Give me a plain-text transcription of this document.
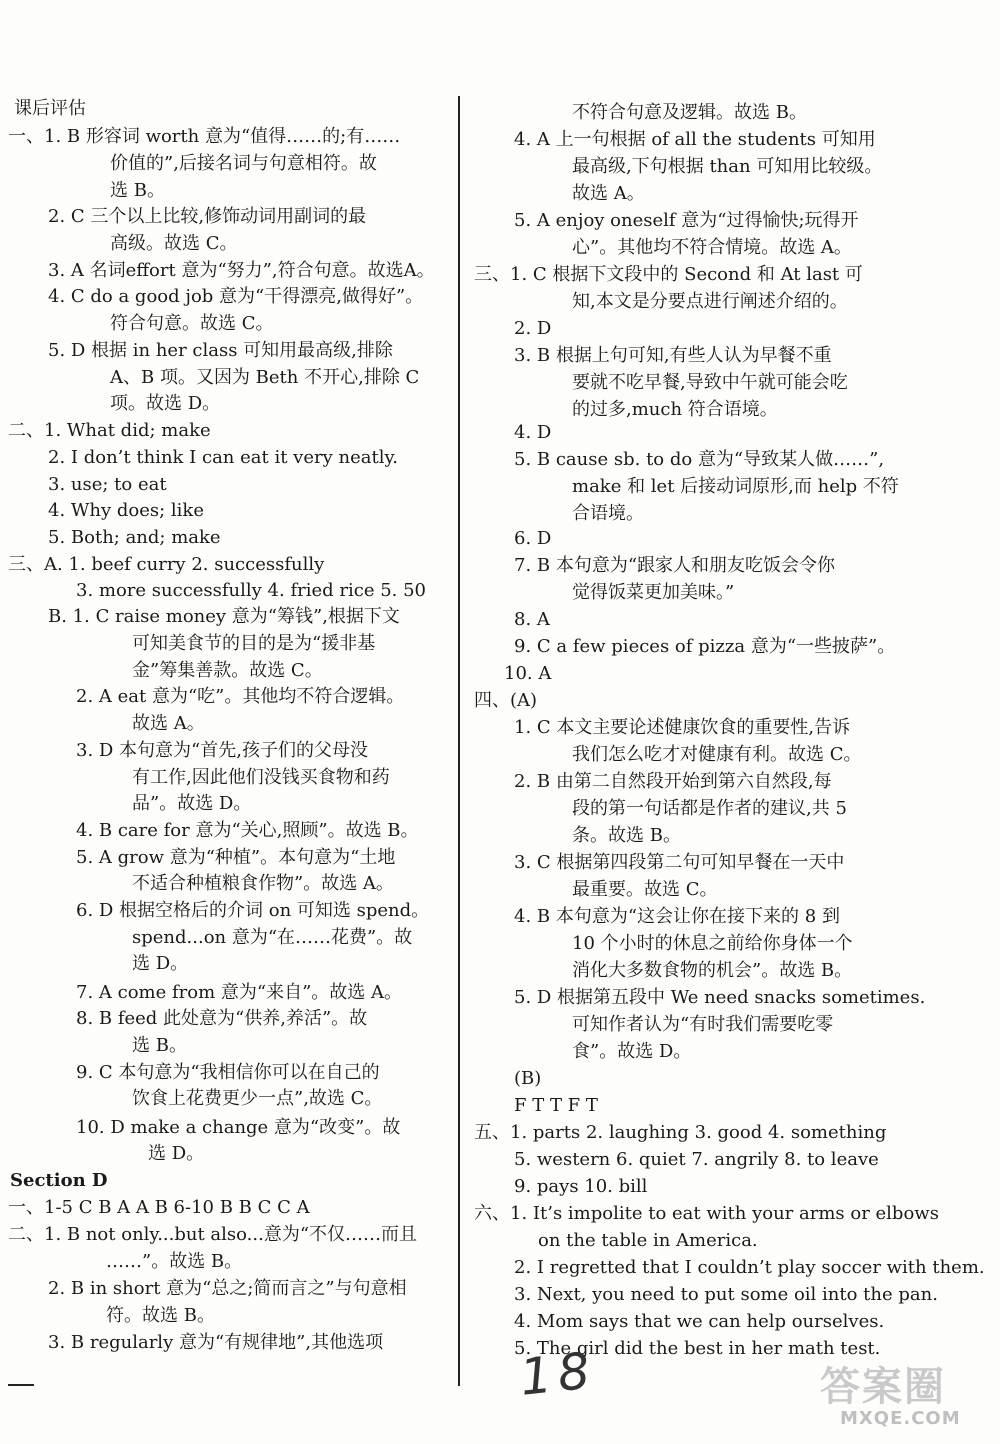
课后评估
一、1. B 形容词 worth 意为“值得……的;有……
价值的”,后接名词与句意相符。故
选 B。
2. C 三个以上比较,修饰动词用副词的最
高级。故选 C。
3. A 名词effort 意为“努力”,符合句意。故选A。
4. C do a good job 意为“干得漂亮,做得好”。
符合句意。故选 C。
5. D 根据 in her class 可知用最高级,排除
A、B 项。又因为 Beth 不开心,排除 C
项。故选 D。
二、1. What did; make
2. I don’t think I can eat it very neatly.
3. use; to eat
4. Why does; like
5. Both; and; make
三、A. 1. beef curry 2. successfully
3. more successfully 4. fried rice 5. 50
B. 1. C raise money 意为“筹钱”,根据下文
可知美食节的目的是为“援非基
金”筹集善款。故选 C。
2. A eat 意为“吃”。其他均不符合逻辑。
故选 A。
3. D 本句意为“首先,孩子们的父母没
有工作,因此他们没钱买食物和药
品”。故选 D。
4. B care for 意为“关心,照顾”。故选 B。
5. A grow 意为“种植”。本句意为“土地
不适合种植粮食作物”。故选 A。
6. D 根据空格后的介词 on 可知选 spend。
spend...on 意为“在……花费”。故
选 D。
7. A come from 意为“来自”。故选 A。
8. B feed 此处意为“供养,养活”。故
选 B。
9. C 本句意为“我相信你可以在自己的
饮食上花费更少一点”,故选 C。
10. D make a change 意为“改变”。故
选 D。
Section D
一、1-5 C B A A B 6-10 B B C C A
二、1. B not only...but also...意为“不仅……而且
……”。故选 B。
2. B in short 意为“总之;简而言之”与句意相
符。故选 B。
3. B regularly 意为“有规律地”,其他选项
不符合句意及逻辑。故选 B。
4. A 上一句根据 of all the students 可知用
最高级,下句根据 than 可知用比较级。
故选 A。
5. A enjoy oneself 意为“过得愉快;玩得开
心”。其他均不符合情境。故选 A。
三、1. C 根据下文段中的 Second 和 At last 可
知,本文是分要点进行阐述介绍的。
2. D
3. B 根据上句可知,有些人认为早餐不重
要就不吃早餐,导致中午就可能会吃
的过多,much 符合语境。
4. D
5. B cause sb. to do 意为“导致某人做……”,
make 和 let 后接动词原形,而 help 不符
合语境。
6. D
7. B 本句意为“跟家人和朋友吃饭会令你
觉得饭菜更加美味。”
8. A
9. C a few pieces of pizza 意为“一些披萨”。
10. A
四、(A)
1. C 本文主要论述健康饮食的重要性,告诉
我们怎么吃才对健康有利。故选 C。
2. B 由第二自然段开始到第六自然段,每
段的第一句话都是作者的建议,共 5
条。故选 B。
3. C 根据第四段第二句可知早餐在一天中
最重要。故选 C。
4. B 本句意为“这会让你在接下来的 8 到
10 个小时的休息之前给你身体一个
消化大多数食物的机会”。故选 B。
5. D 根据第五段中 We need snacks sometimes.
可知作者认为“有时我们需要吃零
食”。故选 D。
(B)
F T T F T
五、1. parts 2. laughing 3. good 4. something
5. western 6. quiet 7. angrily 8. to leave
9. pays 10. bill
六、1. It’s impolite to eat with your arms or elbows
on the table in America.
2. I regretted that I couldn’t play soccer with them.
3. Next, you need to put some oil into the pan.
4. Mom says that we can help ourselves.
5. The girl did the best in her math test.
18	答案圈
MXQE.COM
